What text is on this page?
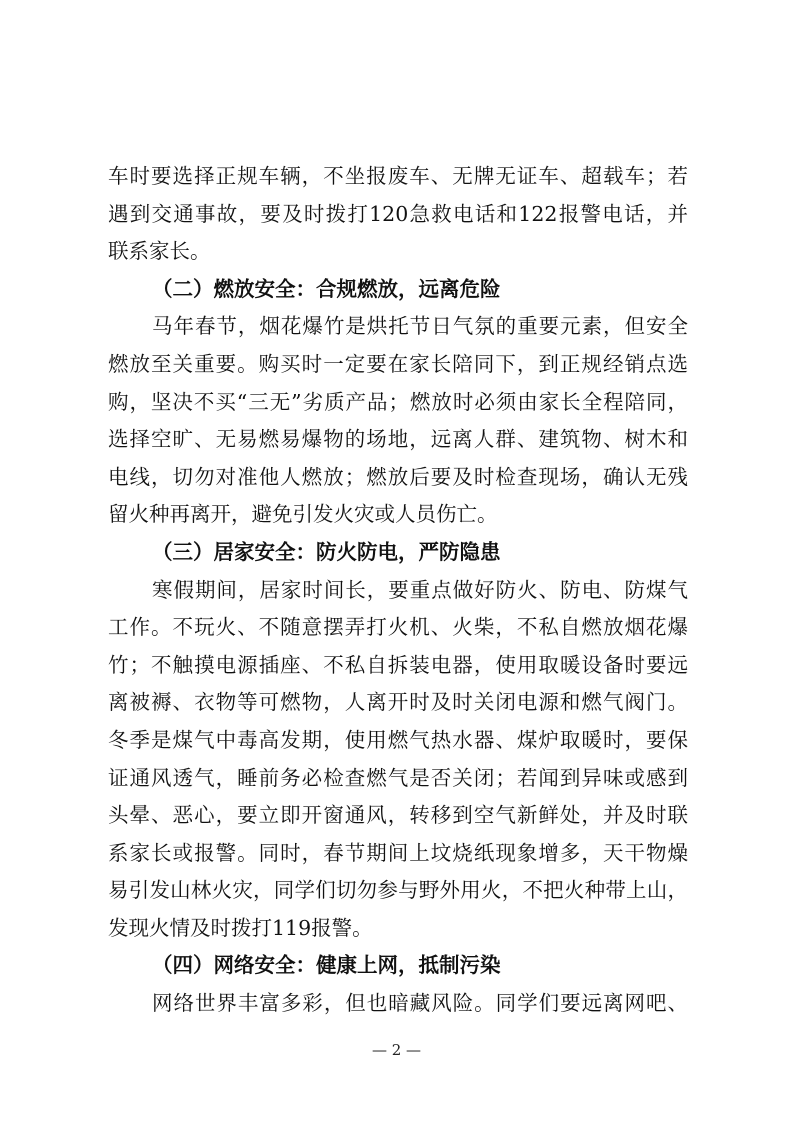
车时要选择正规车辆，不坐报废车、无牌无证车、超载车；若
遇到交通事故，要及时拨打120急救电话和122报警电话，并
联系家长。
（二）燃放安全：合规燃放，远离危险
马年春节，烟花爆竹是烘托节日气氛的重要元素，但安全
燃放至关重要。购买时一定要在家长陪同下，到正规经销点选
购，坚决不买“三无”劣质产品；燃放时必须由家长全程陪同，
选择空旷、无易燃易爆物的场地，远离人群、建筑物、树木和
电线，切勿对准他人燃放；燃放后要及时检查现场，确认无残
留火种再离开，避免引发火灾或人员伤亡。
（三）居家安全：防火防电，严防隐患
寒假期间，居家时间长，要重点做好防火、防电、防煤气
工作。不玩火、不随意摆弄打火机、火柴，不私自燃放烟花爆
竹；不触摸电源插座、不私自拆装电器，使用取暖设备时要远
离被褥、衣物等可燃物，人离开时及时关闭电源和燃气阀门。
冬季是煤气中毒高发期，使用燃气热水器、煤炉取暖时，要保
证通风透气，睡前务必检查燃气是否关闭；若闻到异味或感到
头晕、恶心，要立即开窗通风，转移到空气新鲜处，并及时联
系家长或报警。同时，春节期间上坟烧纸现象增多，天干物燥
易引发山林火灾，同学们切勿参与野外用火，不把火种带上山，
发现火情及时拨打119报警。
（四）网络安全：健康上网，抵制污染
网络世界丰富多彩，但也暗藏风险。同学们要远离网吧、
— 2 —
